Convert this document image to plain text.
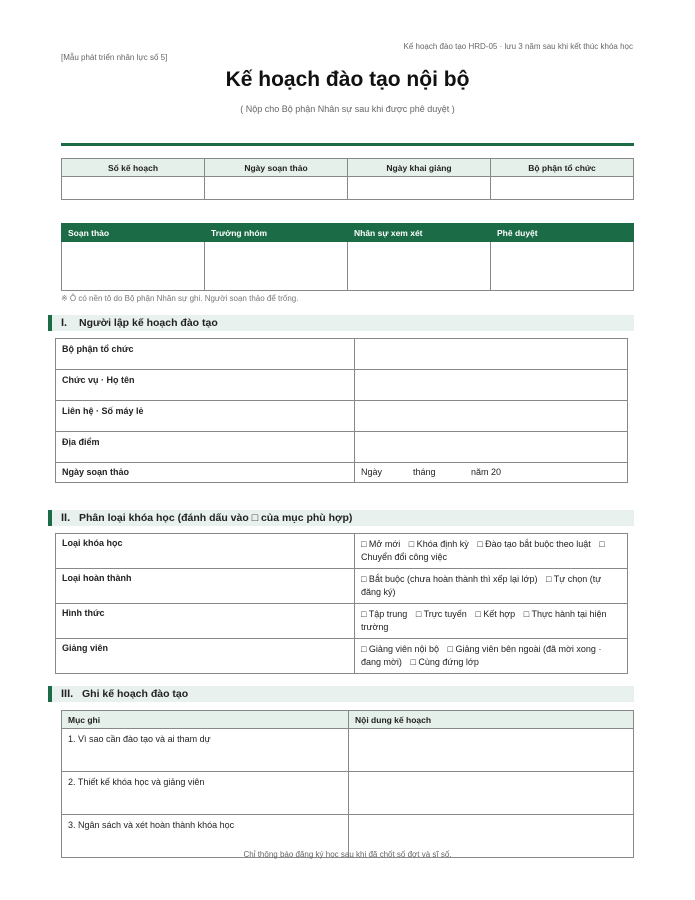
Kế hoạch đào tạo HRD-05 · lưu 3 năm sau khi kết thúc khóa học
[Mẫu phát triển nhân lực số 5]
Kế hoạch đào tạo nội bộ
( Nộp cho Bộ phận Nhân sự sau khi được phê duyệt )
Số kế hoạch	Ngày soạn thảo	Ngày khai giảng	Bộ phận tổ chức

Soạn thảo	Trưởng nhóm	Nhân sự xem xét	Phê duyệt

※ Ô có nền tô do Bộ phận Nhân sự ghi. Người soạn thảo để trống.
I. Người lập kế hoạch đào tạo
Bộ phận tổ chức	
Chức vụ · Họ tên	
Liên hệ · Số máy lẻ	
Địa điểm	
Ngày soạn thảo	Ngày tháng năm 20
II. Phân loại khóa học (đánh dấu vào □ của mục phù hợp)
Loại khóa học	□ Mở mới □ Khóa định kỳ □ Đào tạo bắt buộc theo luật □ Chuyển đổi công việc
Loại hoàn thành	□ Bắt buộc (chưa hoàn thành thì xếp lại lớp) □ Tự chọn (tự đăng ký)
Hình thức	□ Tập trung □ Trực tuyến □ Kết hợp □ Thực hành tại hiện trường
Giảng viên	□ Giảng viên nội bộ □ Giảng viên bên ngoài (đã mời xong · đang mời) □ Cùng đứng lớp
III. Ghi kế hoạch đào tạo
Mục ghi	Nội dung kế hoạch
1. Vì sao cần đào tạo và ai tham dự	
2. Thiết kế khóa học và giảng viên	
3. Ngân sách và xét hoàn thành khóa học	
Chỉ thông báo đăng ký học sau khi đã chốt số đợt và sĩ số.
